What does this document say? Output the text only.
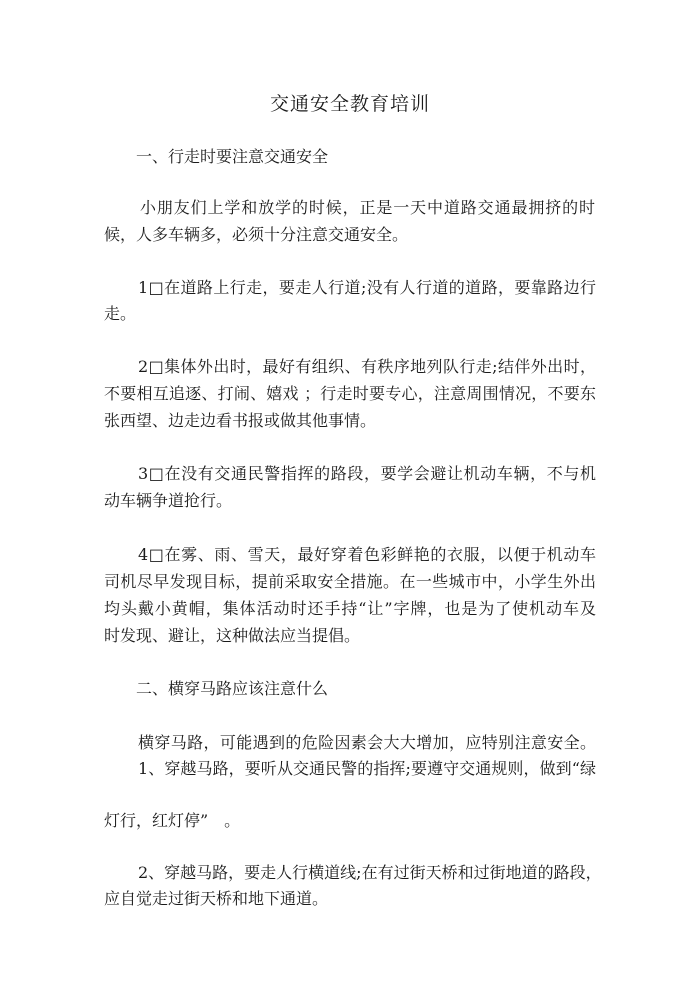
交通安全教育培训
一、行走时要注意交通安全
小朋友们上学和放学的时候，正是一天中道路交通最拥挤的时
候，人多车辆多，必须十分注意交通安全。
1□在道路上行走，要走人行道;没有人行道的道路，要靠路边行
走。
2□集体外出时，最好有组织、有秩序地列队行走;结伴外出时，
不要相互追逐、打闹、嬉戏 ；行走时要专心，注意周围情况，不要东
张西望、边走边看书报或做其他事情。
3□在没有交通民警指挥的路段，要学会避让机动车辆，不与机
动车辆争道抢行。
4□在雾、雨、雪天，最好穿着色彩鲜艳的衣服，以便于机动车
司机尽早发现目标，提前采取安全措施。在一些城市中，小学生外出
均头戴小黄帽，集体活动时还手持“让”字牌，也是为了使机动车及
时发现、避让，这种做法应当提倡。
二、横穿马路应该注意什么
横穿马路，可能遇到的危险因素会大大增加，应特别注意安全。
1、穿越马路，要听从交通民警的指挥;要遵守交通规则，做到“绿
灯行，红灯停”　。
2、穿越马路，要走人行横道线;在有过街天桥和过街地道的路段，
应自觉走过街天桥和地下通道。
